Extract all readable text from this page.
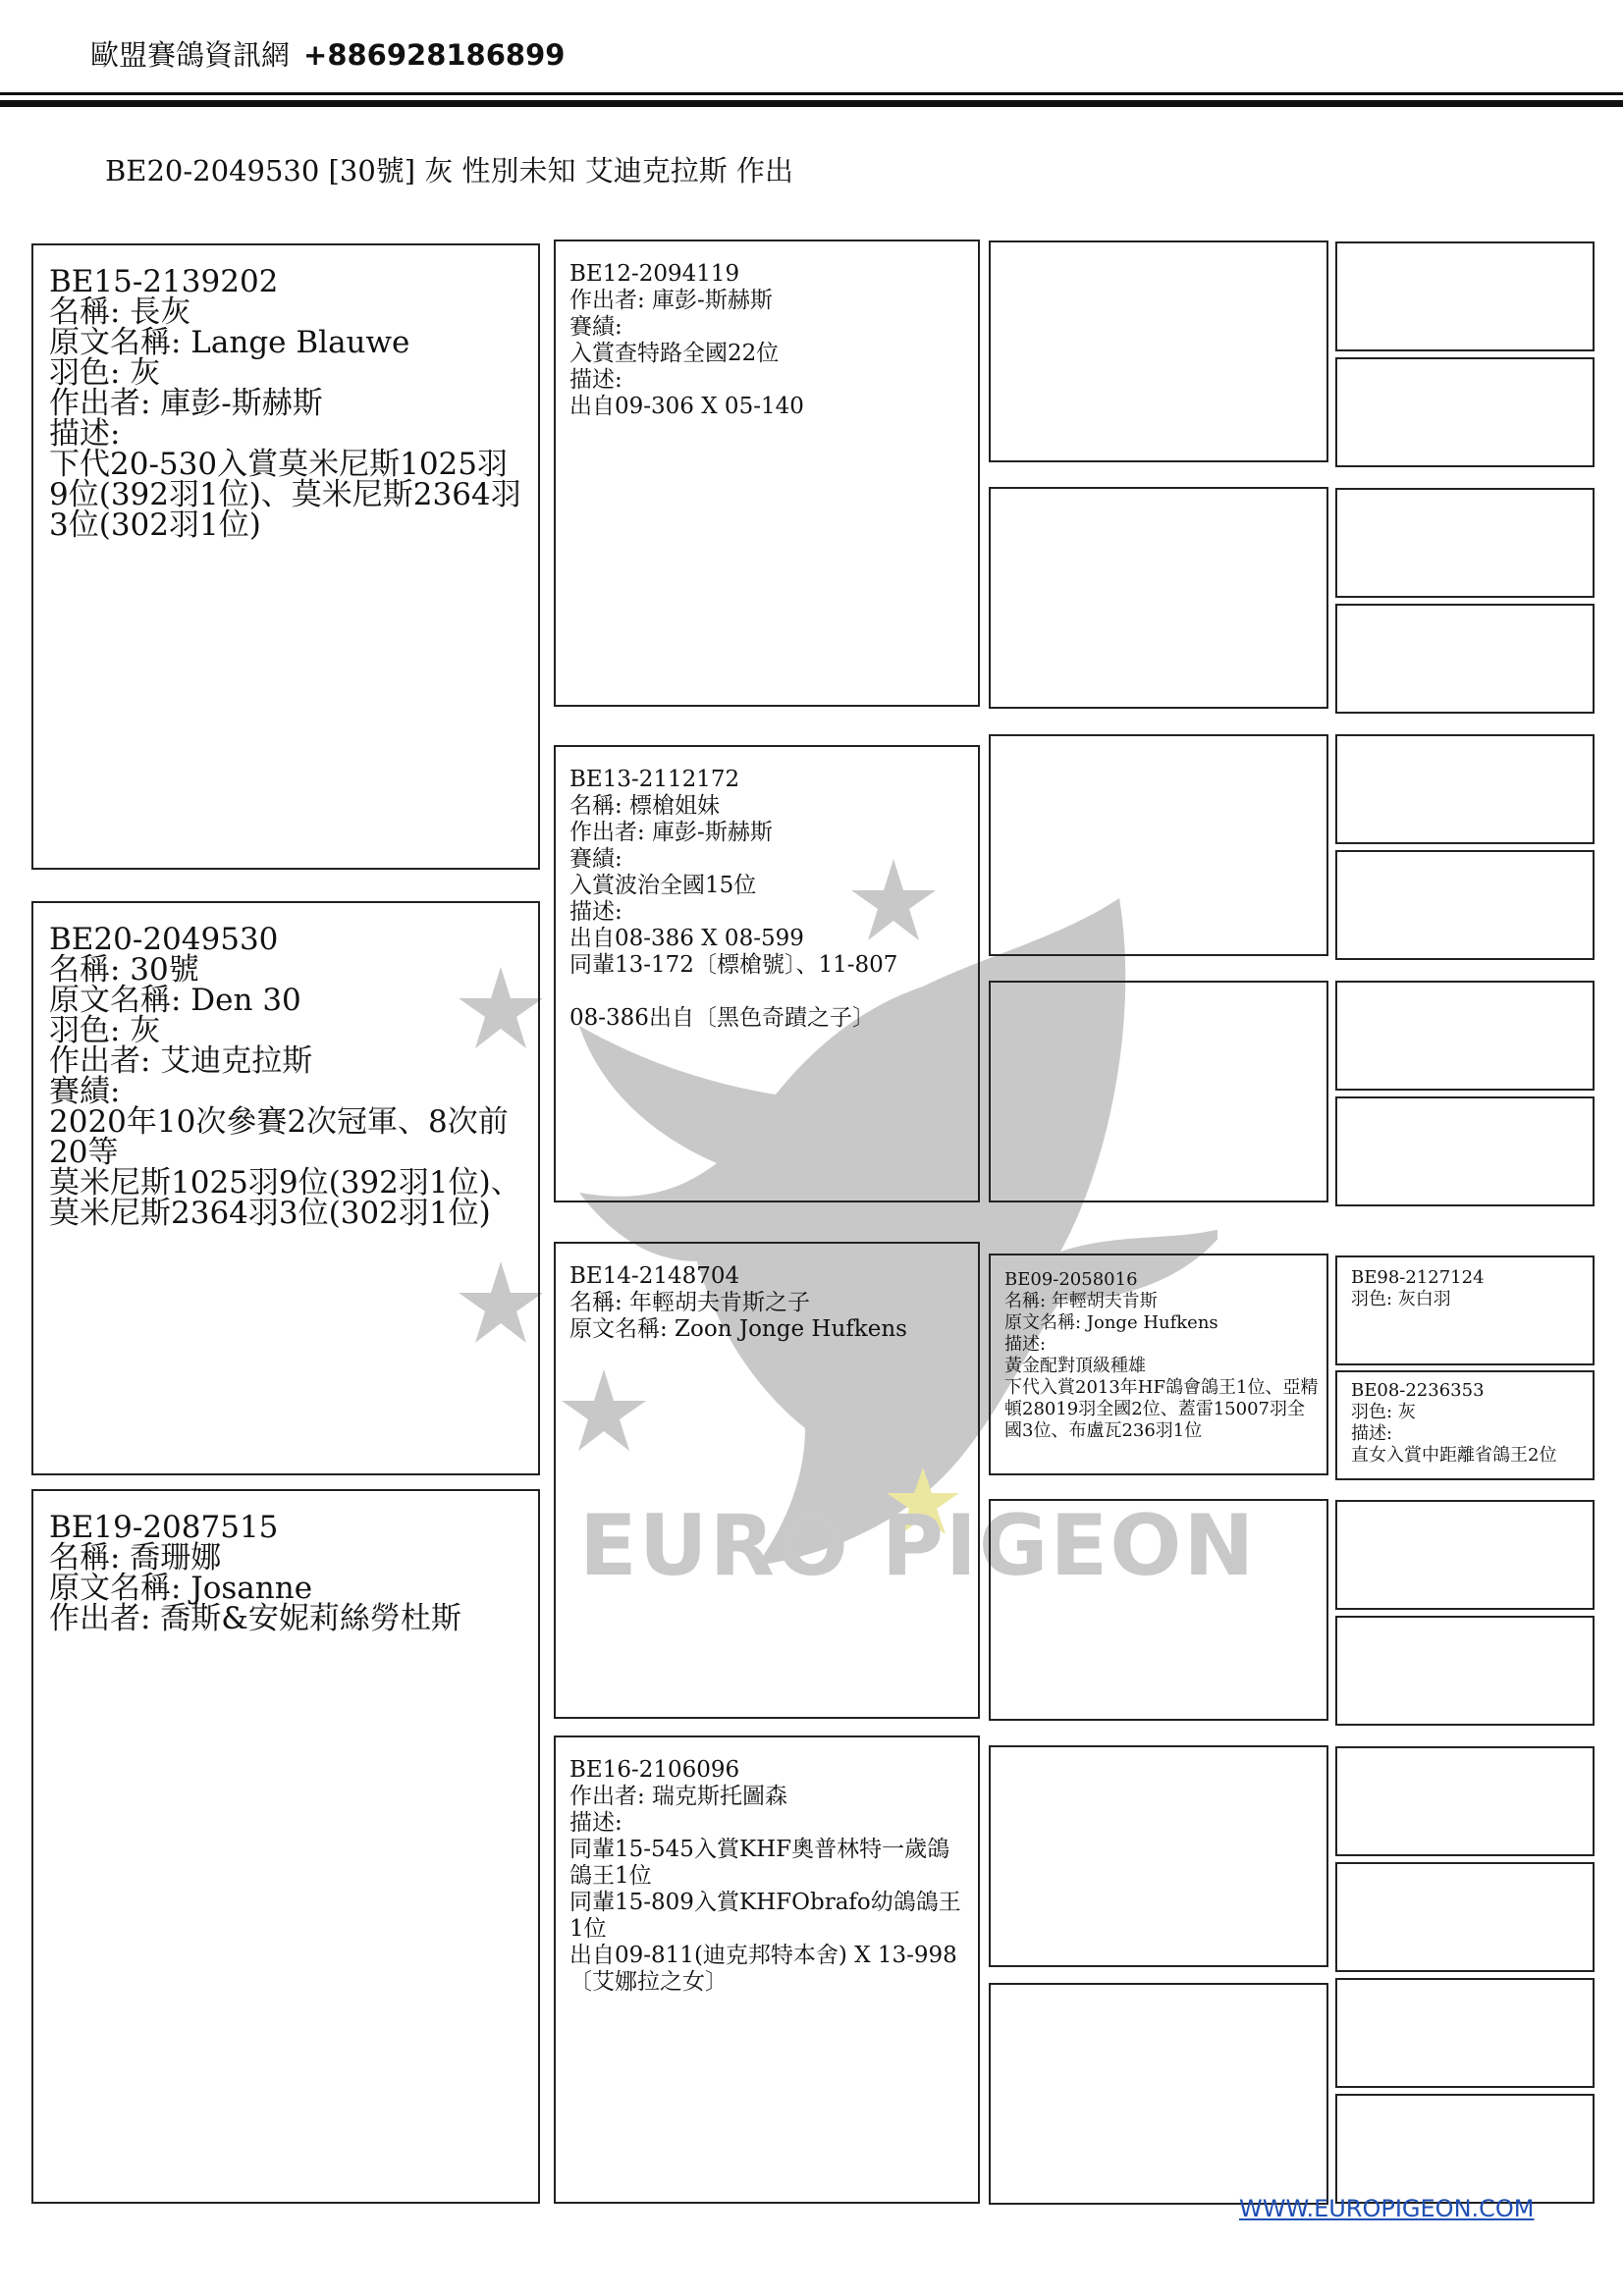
歐盟賽鴿資訊網 +886928186899
BE20-2049530 [30號] 灰 性別未知 艾迪克拉斯 作出
EURO PIGEON
BE15-2139202
名稱: 長灰
原文名稱: Lange Blauwe
羽色: 灰
作出者: 庫彭-斯赫斯
描述:
下代20-530入賞莫米尼斯1025羽9位(392羽1位)、莫米尼斯2364羽3位(302羽1位)
BE20-2049530
名稱: 30號
原文名稱: Den 30
羽色: 灰
作出者: 艾迪克拉斯
賽績:
2020年10次參賽2次冠軍、8次前20等
莫米尼斯1025羽9位(392羽1位)、莫米尼斯2364羽3位(302羽1位)
BE19-2087515
名稱: 喬珊娜
原文名稱: Josanne
作出者: 喬斯&安妮莉絲勞杜斯
BE12-2094119
作出者: 庫彭-斯赫斯
賽績:
入賞查特路全國22位
描述:
出自09-306 X 05-140
BE13-2112172
名稱: 標槍姐妹
作出者: 庫彭-斯赫斯
賽績:
入賞波治全國15位
描述:
出自08-386 X 08-599
同輩13-172〔標槍號〕、11-807
08-386出自〔黑色奇蹟之子〕
BE14-2148704
名稱: 年輕胡夫肯斯之子
原文名稱: Zoon Jonge Hufkens
BE16-2106096
作出者: 瑞克斯托圖森
描述:
同輩15-545入賞KHF奧普林特一歲鴿鴿王1位
同輩15-809入賞KHFObrafo幼鴿鴿王1位
出自09-811(迪克邦特本舍) X 13-998〔艾娜拉之女〕
BE09-2058016
名稱: 年輕胡夫肯斯
原文名稱: Jonge Hufkens
描述:
黃金配對頂級種雄
下代入賞2013年HF鴿會鴿王1位、亞精頓28019羽全國2位、蓋雷15007羽全國3位、布盧瓦236羽1位
BE98-2127124
羽色: 灰白羽
BE08-2236353
羽色: 灰
描述:
直女入賞中距離省鴿王2位
WWW.EUROPIGEON.COM
